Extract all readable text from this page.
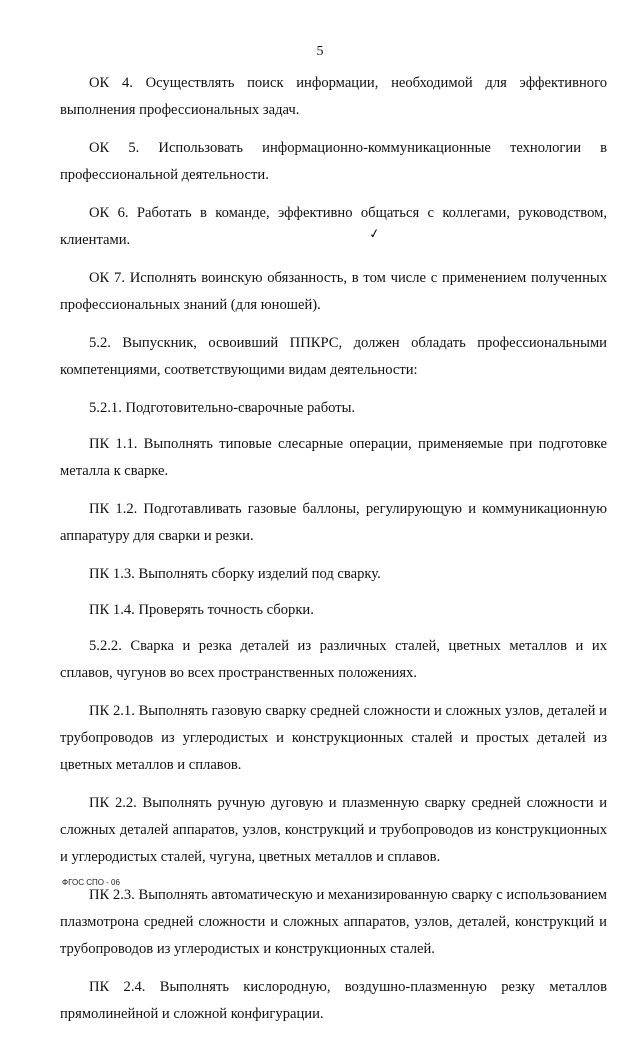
5

ОК 4. Осуществлять поиск информации, необходимой для эффективного выполнения профессиональных задач.

ОК 5. Использовать информационно-коммуникационные технологии в профессиональной деятельности.

ОК 6. Работать в команде, эффективно общаться с коллегами, руководством, клиентами.

ОК 7. Исполнять воинскую обязанность, в том числе с применением полученных профессиональных знаний (для юношей).

5.2. Выпускник, освоивший ППКРС, должен обладать профессиональными компетенциями, соответствующими видам деятельности:

5.2.1. Подготовительно-сварочные работы.

ПК 1.1. Выполнять типовые слесарные операции, применяемые при подготовке металла к сварке.

ПК 1.2. Подготавливать газовые баллоны, регулирующую и коммуникационную аппаратуру для сварки и резки.

ПК 1.3. Выполнять сборку изделий под сварку.

ПК 1.4. Проверять точность сборки.

5.2.2. Сварка и резка деталей из различных сталей, цветных металлов и их сплавов, чугунов во всех пространственных положениях.

ПК 2.1. Выполнять газовую сварку средней сложности и сложных узлов, деталей и трубопроводов из углеродистых и конструкционных сталей и простых деталей из цветных металлов и сплавов.

ПК 2.2. Выполнять ручную дуговую и плазменную сварку средней сложности и сложных деталей аппаратов, узлов, конструкций и трубопроводов из конструкционных и углеродистых сталей, чугуна, цветных металлов и сплавов.

ПК 2.3. Выполнять автоматическую и механизированную сварку с использованием плазмотрона средней сложности и сложных аппаратов, узлов, деталей, конструкций и трубопроводов из углеродистых и конструкционных сталей.

ПК 2.4. Выполнять кислородную, воздушно-плазменную резку металлов прямолинейной и сложной конфигурации.

✓
ФГОС СПО - 06
